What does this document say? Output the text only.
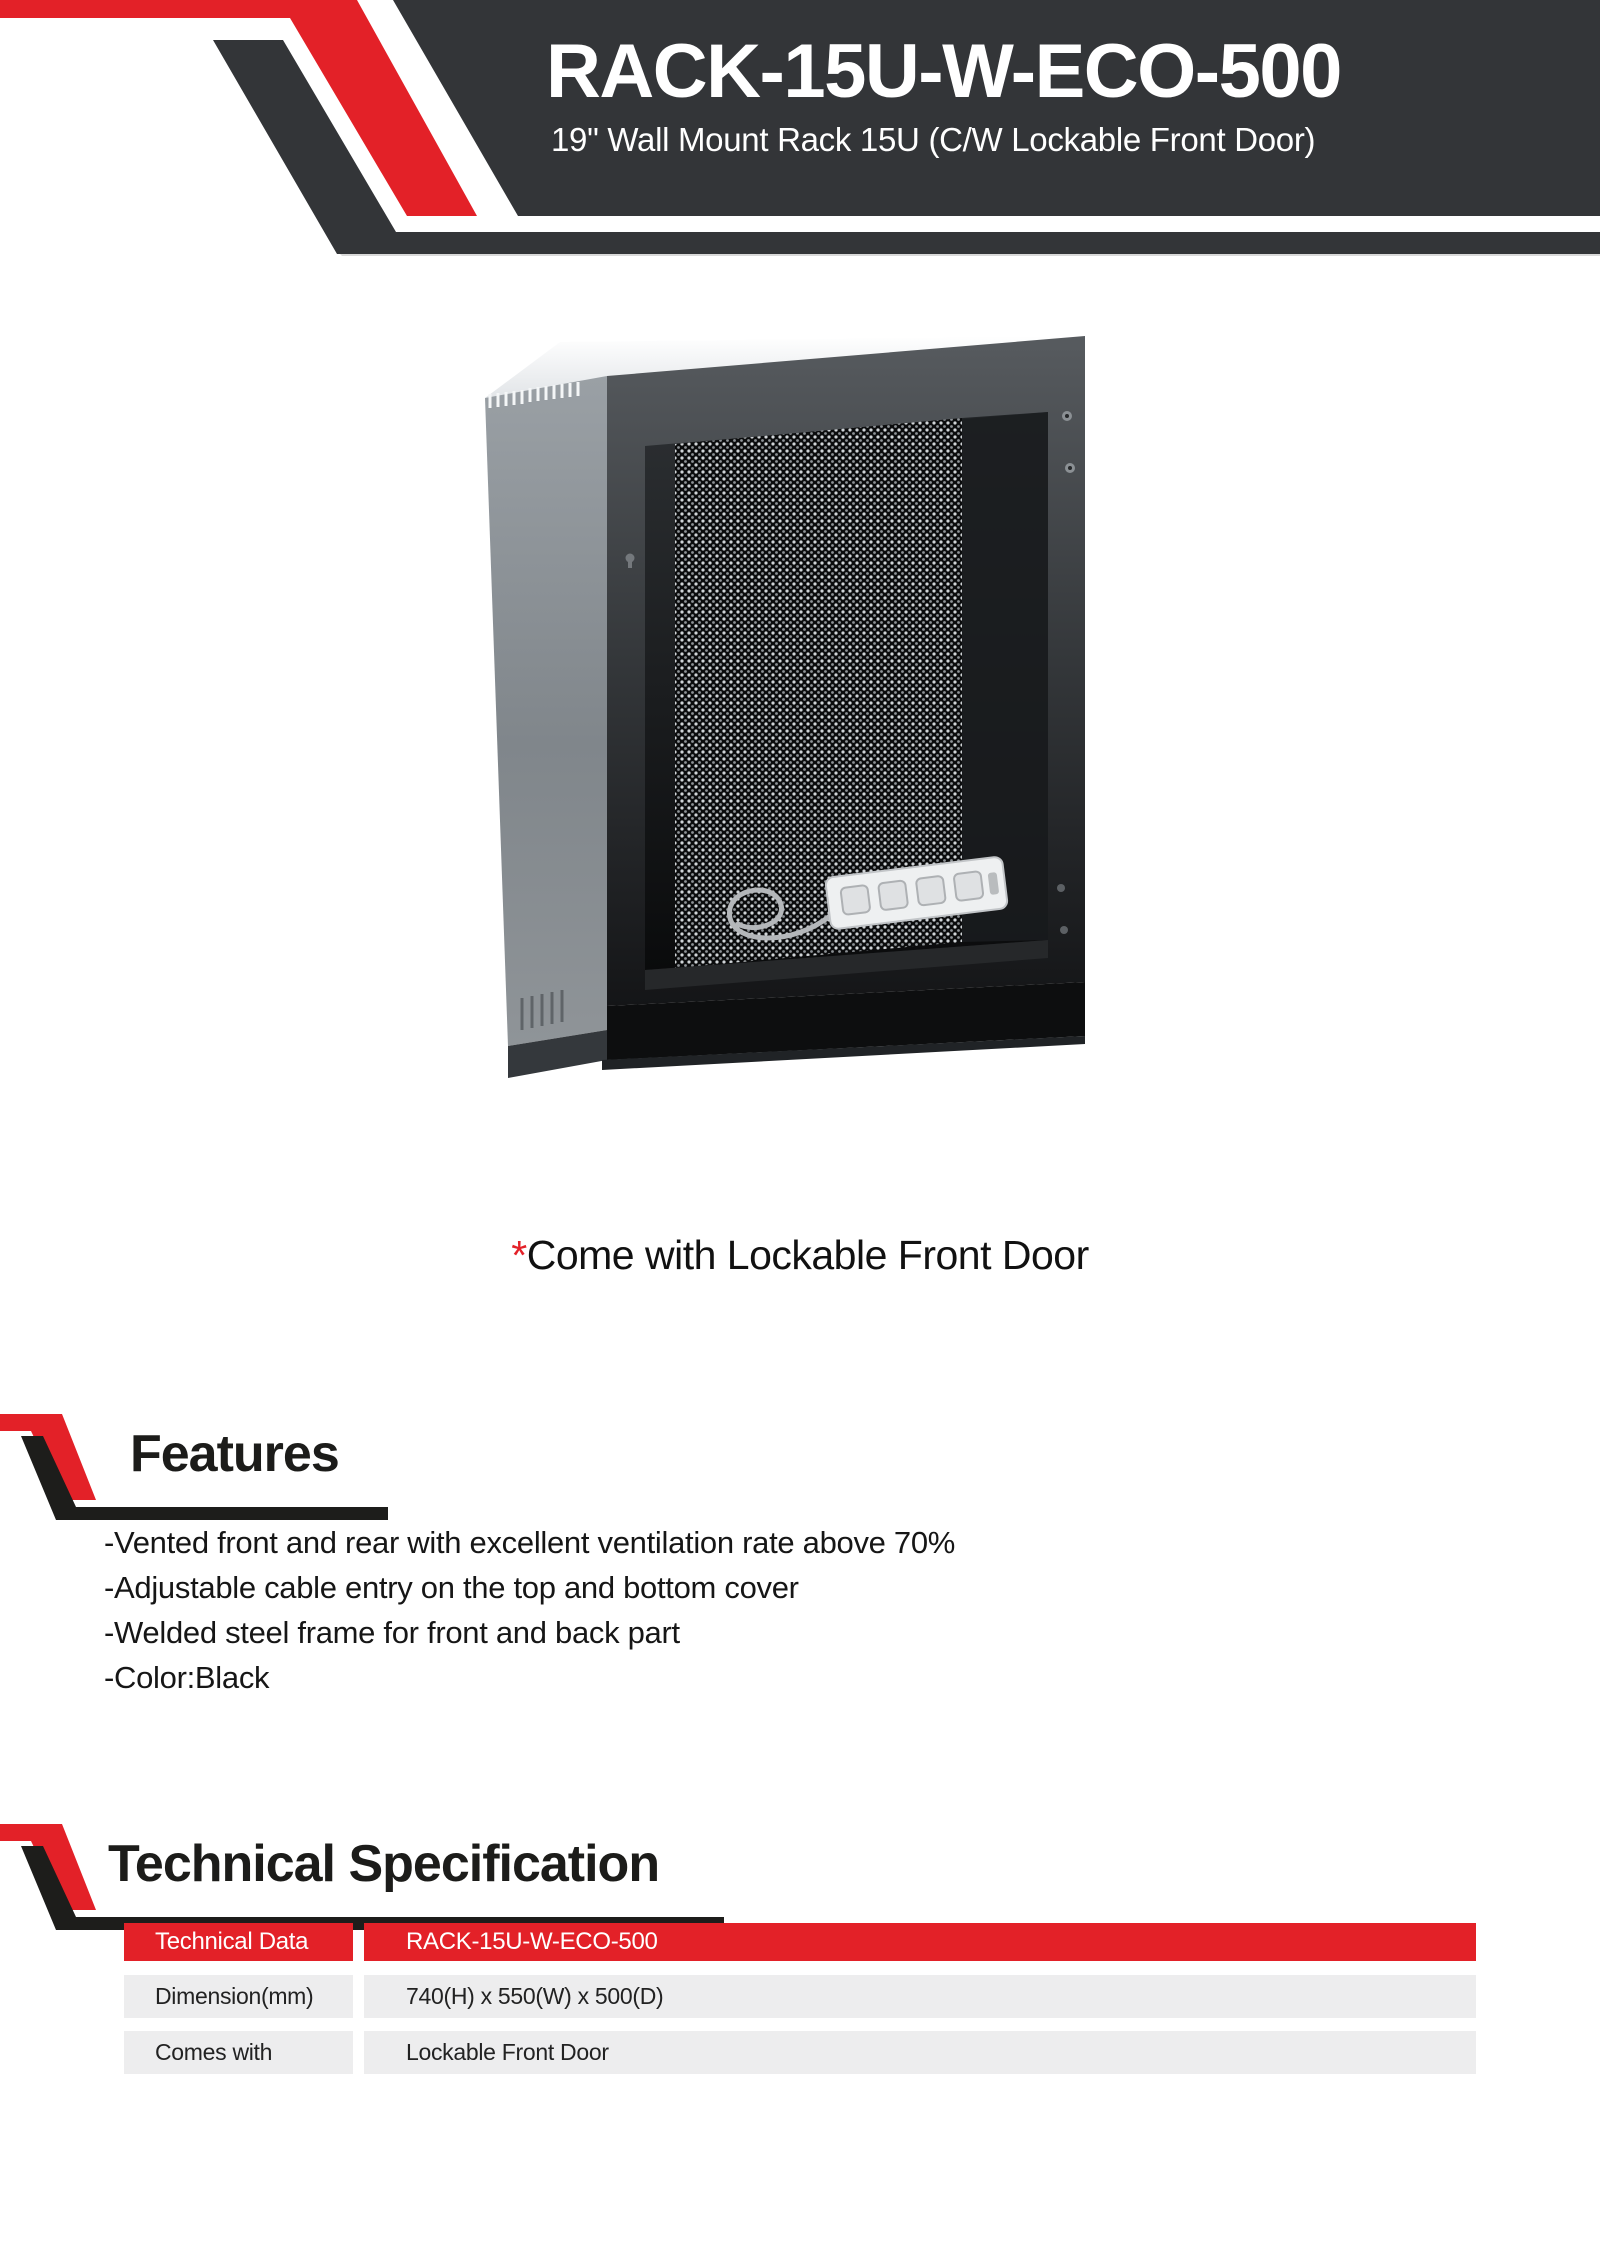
RACK-15U-W-ECO-500
19" Wall Mount Rack 15U (C/W Lockable Front Door)
*Come with Lockable Front Door
Features
-Vented front and rear with excellent ventilation rate above 70%
-Adjustable cable entry on the top and bottom cover
-Welded steel frame for front and back part
-Color:Black
Technical Specification
Technical Data	RACK-15U-W-ECO-500
Dimension(mm)	740(H) x 550(W) x 500(D)
Comes with	Lockable Front Door
